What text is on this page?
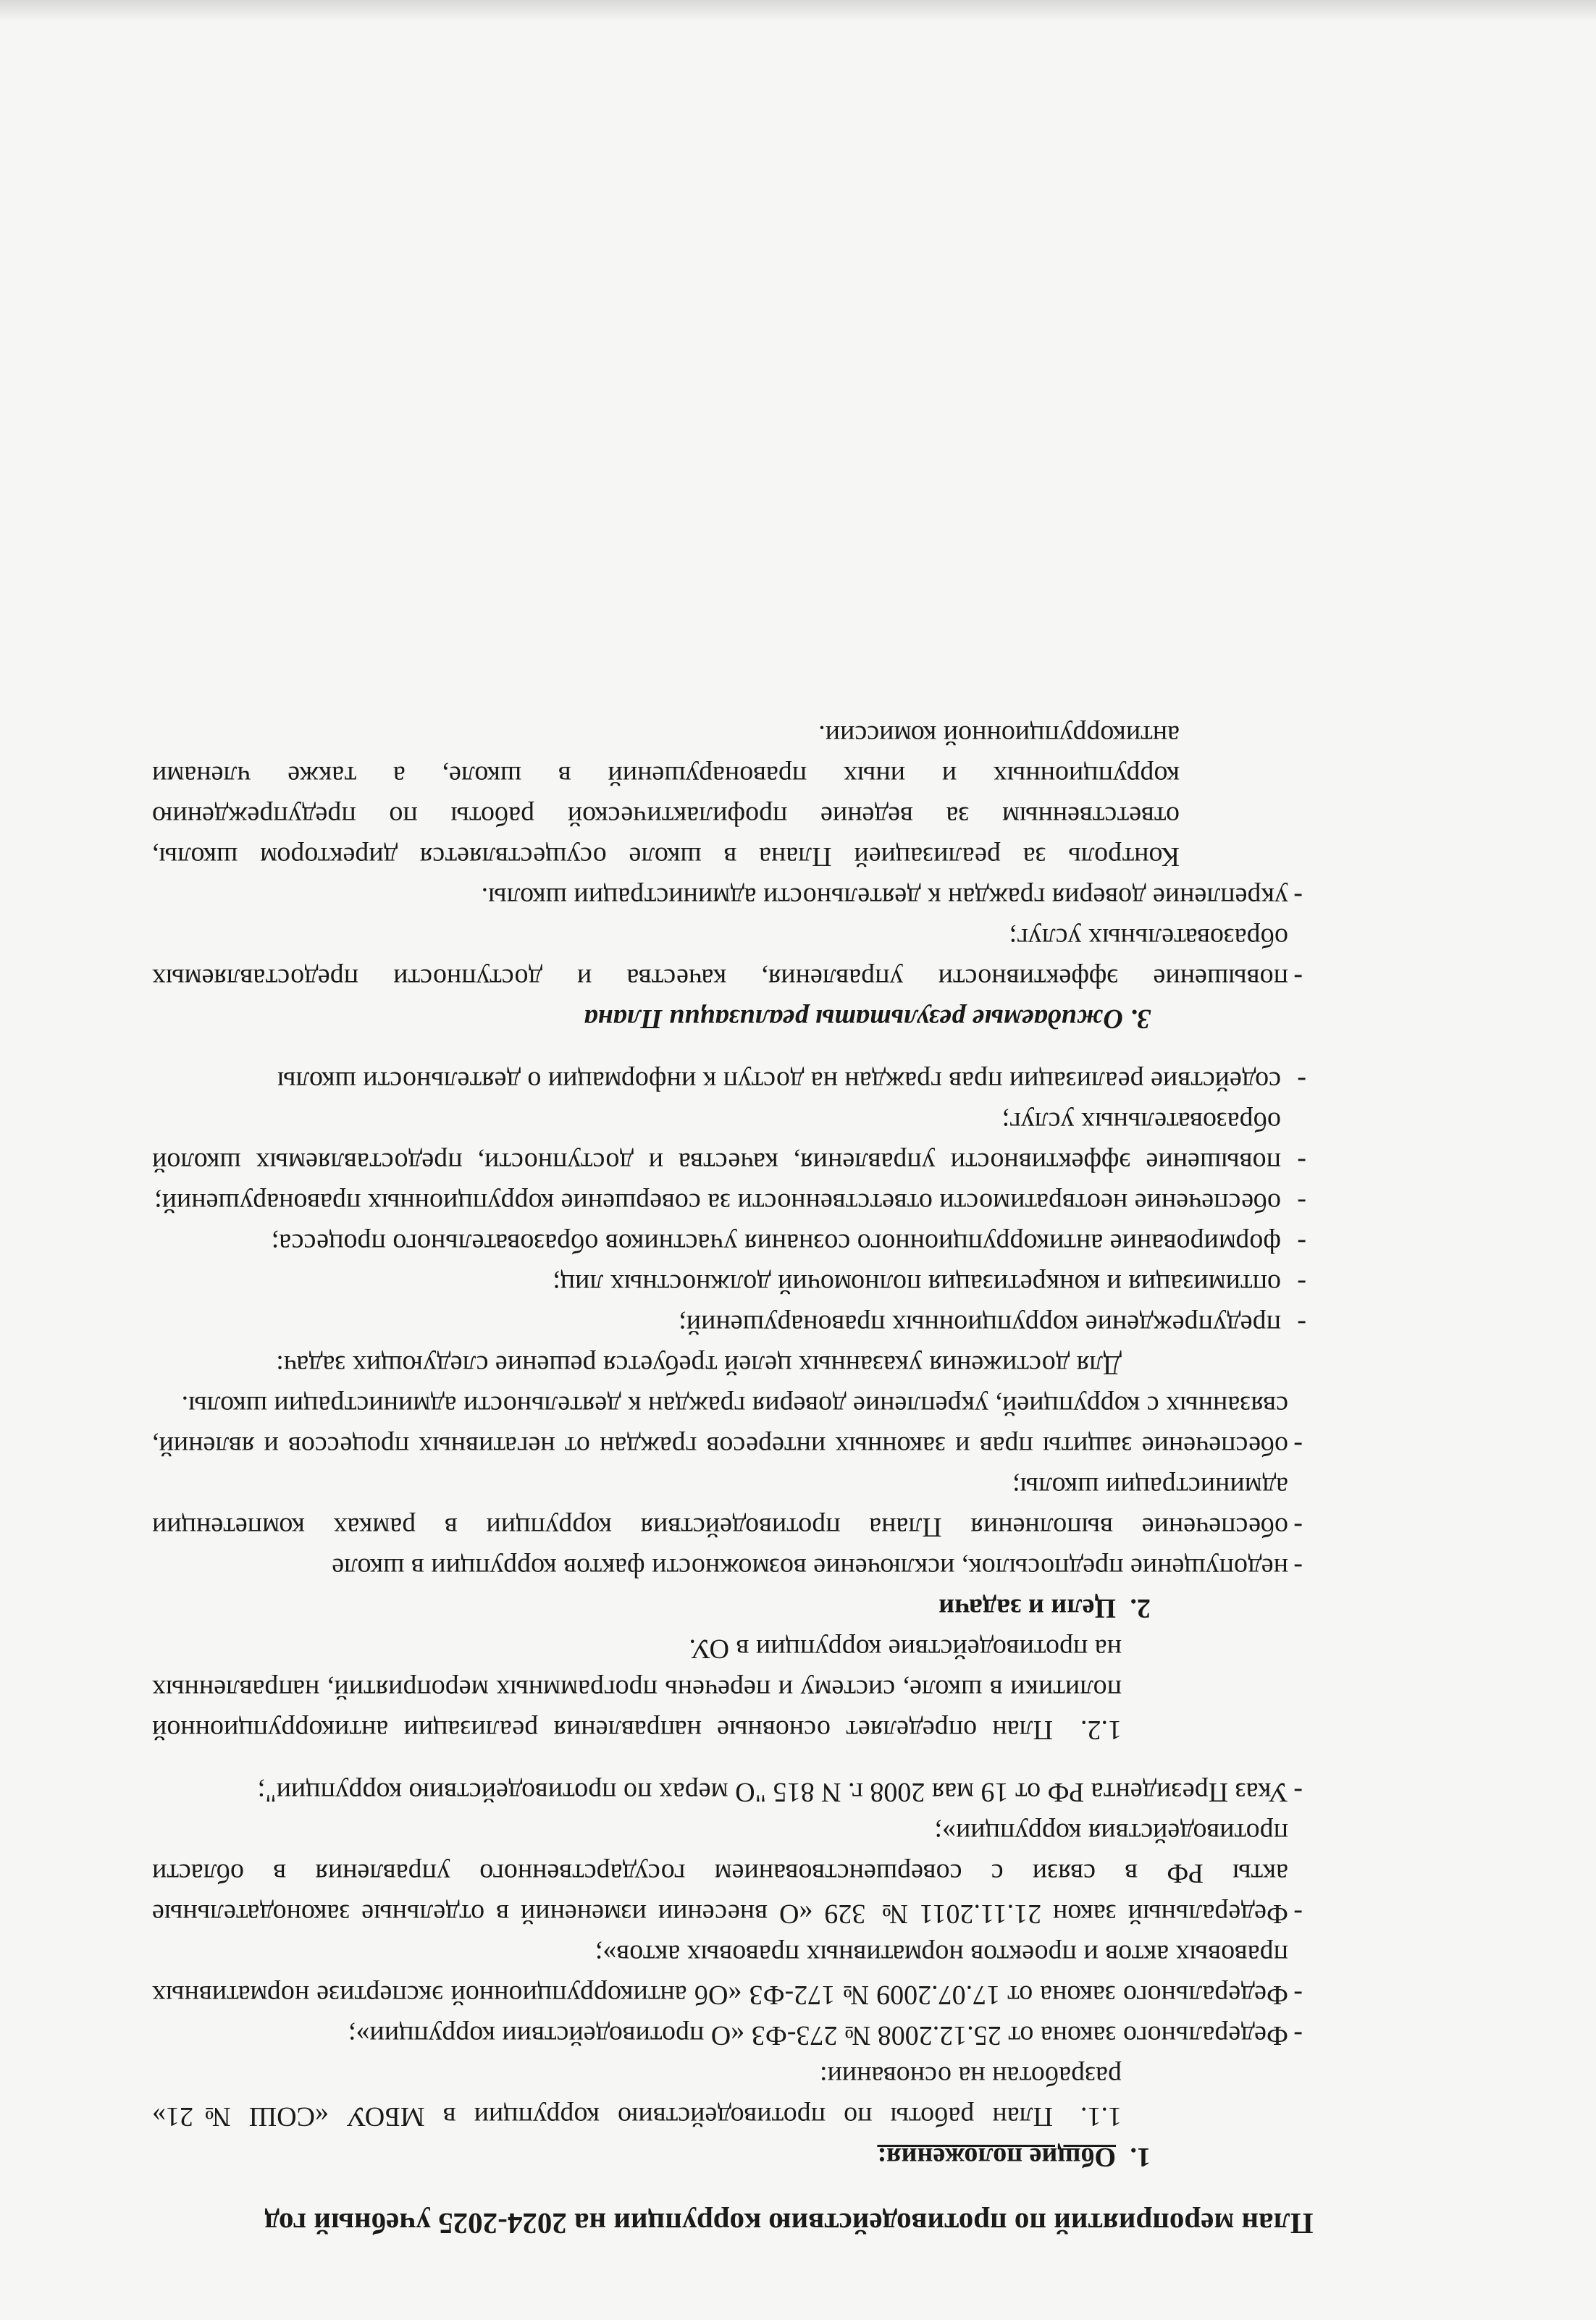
План мероприятий по противодействию коррупции на 2024-2025 учебный год
1.Общие положения:

1.1. План работы по противодействию коррупции в МБОУ «СОШ №21» разработан на основании:

-
Федерального закона от 25.12.2008 № 273-ФЗ «О противодействии коррупции»;
-
Федерального закона от 17.07.2009 № 172-ФЗ «Об антикоррупционной экспертизе нормативных правовых актов и проектов нормативных правовых актов»;
-
Федеральный закон 21.11.2011 № 329 «О внесении изменений в отдельные законодательные акты РФ в связи с совершенствованием государственного управления в области противодействия коррупции»;
-
Указ Президента РФ от 19 мая 2008 г. N 815 "О мерах по противодействию коррупции";

1.2. План определяет основные направления реализации антикоррупционной политики в школе, систему и перечень программных мероприятий, направленных на противодействие коррупции в ОУ.

2.Цели и задачи
-
недопущение предпосылок, исключение возможности фактов коррупции в школе
-
обеспечение выполнения Плана противодействия коррупции в рамках компетенции администрации школы;
-
обеспечение защиты прав и законных интересов граждан от негативных процессов и явлений, связанных с коррупцией, укрепление доверия граждан к деятельности администрации школы.

Для достижения указанных целей требуется решение следующих задач:

-
предупреждение коррупционных правонарушений;
-
оптимизация и конкретизация полномочий должностных лиц;
-
формирование антикоррупционного сознания участников образовательного процесса;
-
обеспечение неотвратимости ответственности за совершение коррупционных правонарушений;
-
повышение эффективности управления, качества и доступности, предоставляемых школой образовательных услуг;
-
содействие реализации прав граждан на доступ к информации о деятельности школы
3. Ожидаемые результаты реализации Плана
-
повышение эффективности управления, качества и доступности предоставляемых образовательных услуг;
-
укрепление доверия граждан к деятельности администрации школы.

Контроль за реализацией Плана в школе осуществляется директором школы, ответственным за ведение профилактической работы по предупреждению коррупционных и иных правонарушений в школе, а также членами антикоррупционной комиссии.
